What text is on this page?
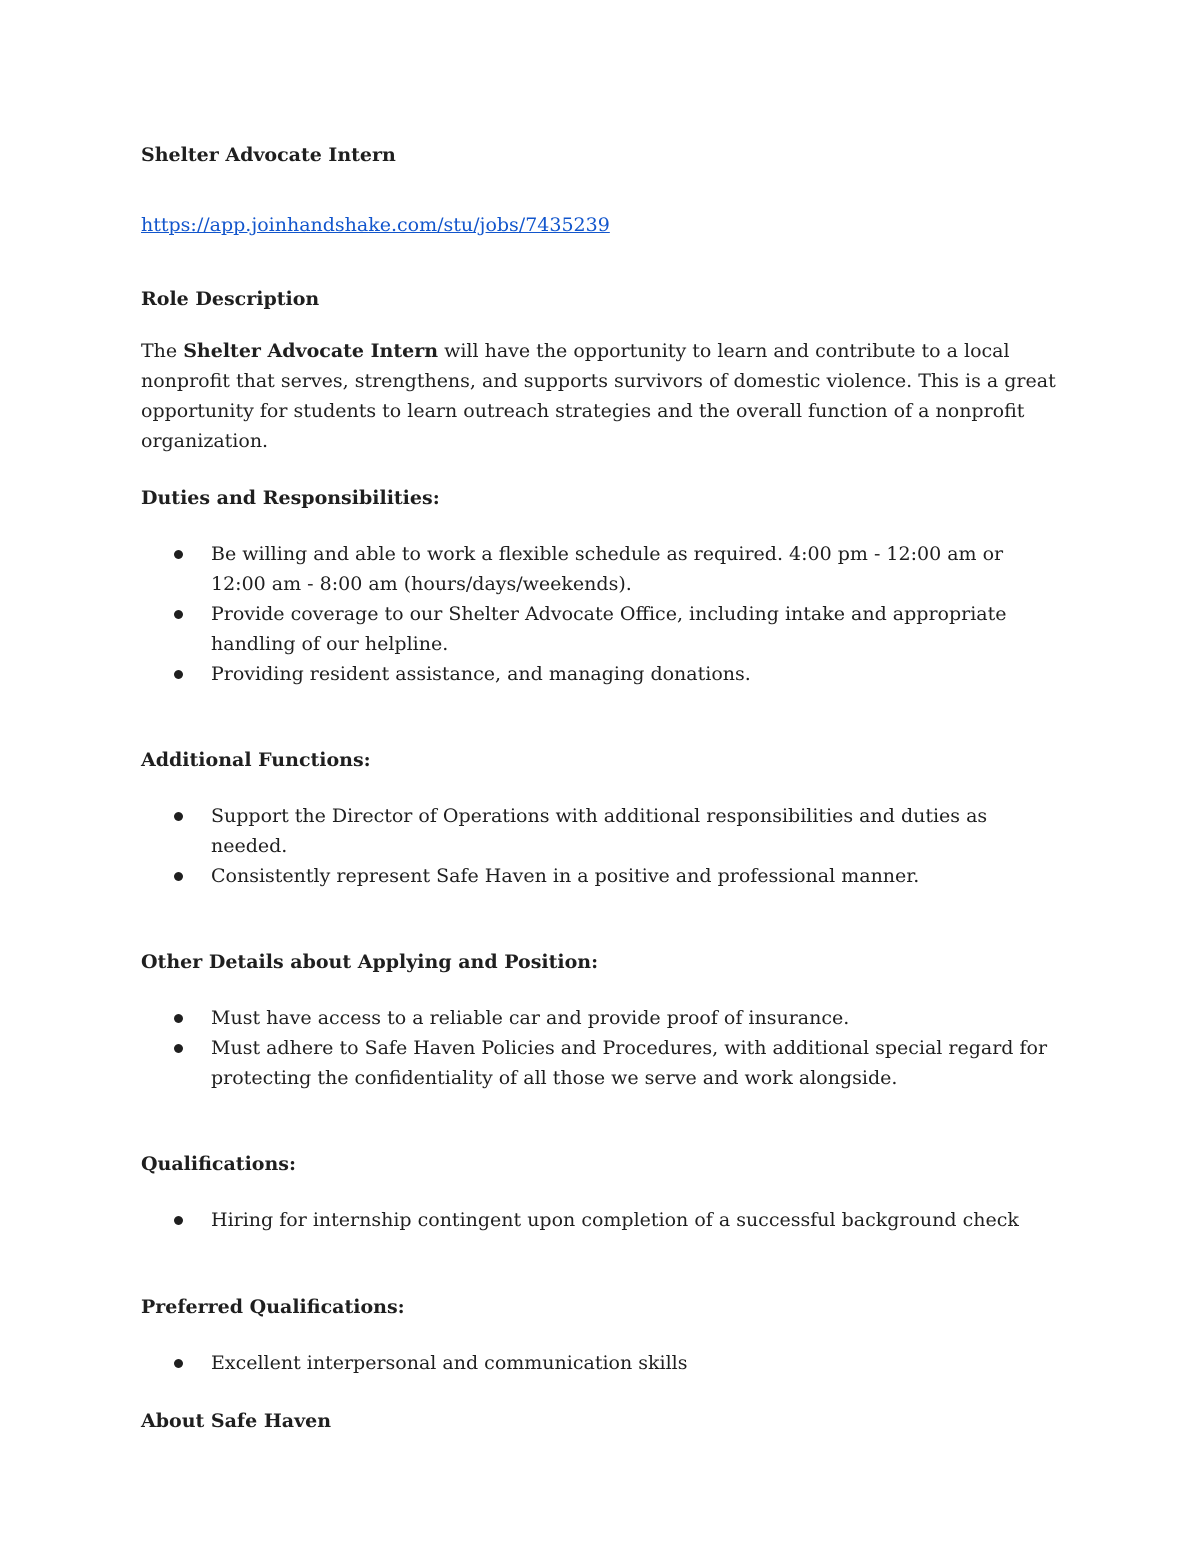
Shelter Advocate Intern

https://app.joinhandshake.com/stu/jobs/7435239

Role Description

The Shelter Advocate Intern will have the opportunity to learn and contribute to a local nonprofit that serves, strengthens, and supports survivors of domestic violence. This is a great opportunity for students to learn outreach strategies and the overall function of a nonprofit organization.

Duties and Responsibilities:

Be willing and able to work a flexible schedule as required. 4:00 pm - 12:00 am or 12:00 am - 8:00 am (hours/days/weekends).
Provide coverage to our Shelter Advocate Office, including intake and appropriate handling of our helpline.
Providing resident assistance, and managing donations.

Additional Functions:

Support the Director of Operations with additional responsibilities and duties as needed.
Consistently represent Safe Haven in a positive and professional manner.

Other Details about Applying and Position:

Must have access to a reliable car and provide proof of insurance.
Must adhere to Safe Haven Policies and Procedures, with additional special regard for protecting the confidentiality of all those we serve and work alongside.

Qualifications:

Hiring for internship contingent upon completion of a successful background check

Preferred Qualifications:

Excellent interpersonal and communication skills

About Safe Haven
